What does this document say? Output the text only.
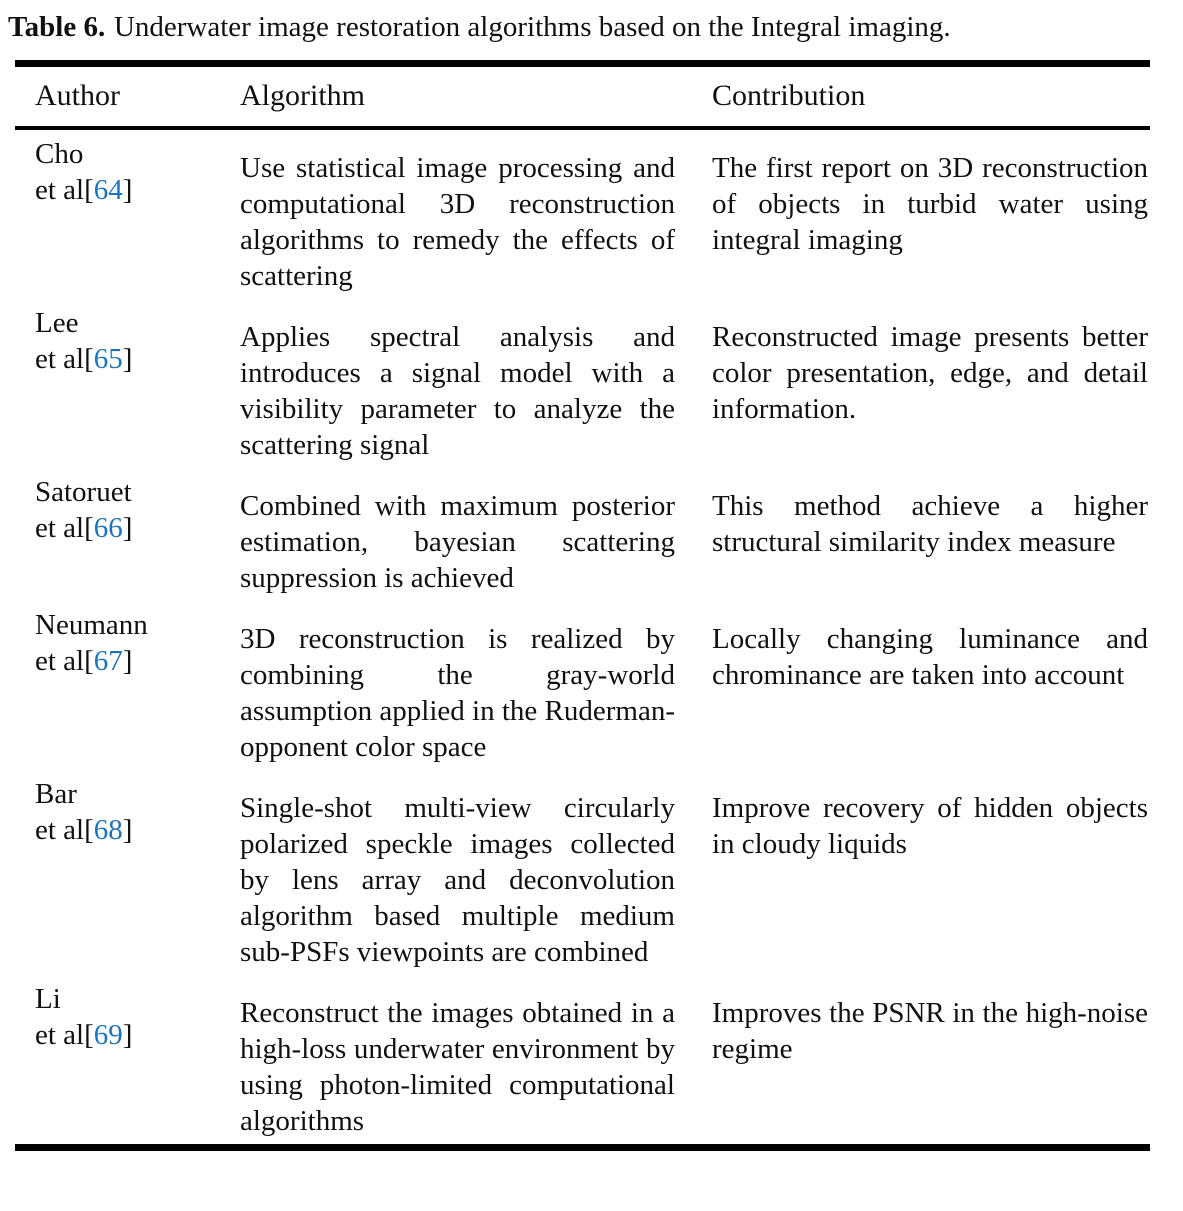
Table 6. Underwater image restoration algorithms based on the Integral imaging.

Author	Algorithm	Contribution
Cho
et al[64]	Use statistical image processing and computational 3D reconstruction algorithms to remedy the effects of scattering	The first report on 3D reconstruction of objects in turbid water using integral imaging
Lee
et al[65]	Applies spectral analysis and introduces a signal model with a visibility parameter to analyze the scattering signal	Reconstructed image presents better color presentation, edge, and detail information.
Satoruet
et al[66]	Combined with maximum posterior estimation, bayesian scattering suppression is achieved	This method achieve a higher structural similarity index measure
Neumann
et al[67]	3D reconstruction is realized by combining the gray-world assumption applied in the Ruderman-opponent color space	Locally changing luminance and chrominance are taken into account
Bar
et al[68]	Single-shot multi-view circularly polarized speckle images collected by lens array and deconvolution algorithm based multiple medium sub-PSFs viewpoints are combined	Improve recovery of hidden objects in cloudy liquids
Li
et al[69]	Reconstruct the images obtained in a high-loss underwater environment by using photon-limited computational algorithms	Improves the PSNR in the high-noise regime
